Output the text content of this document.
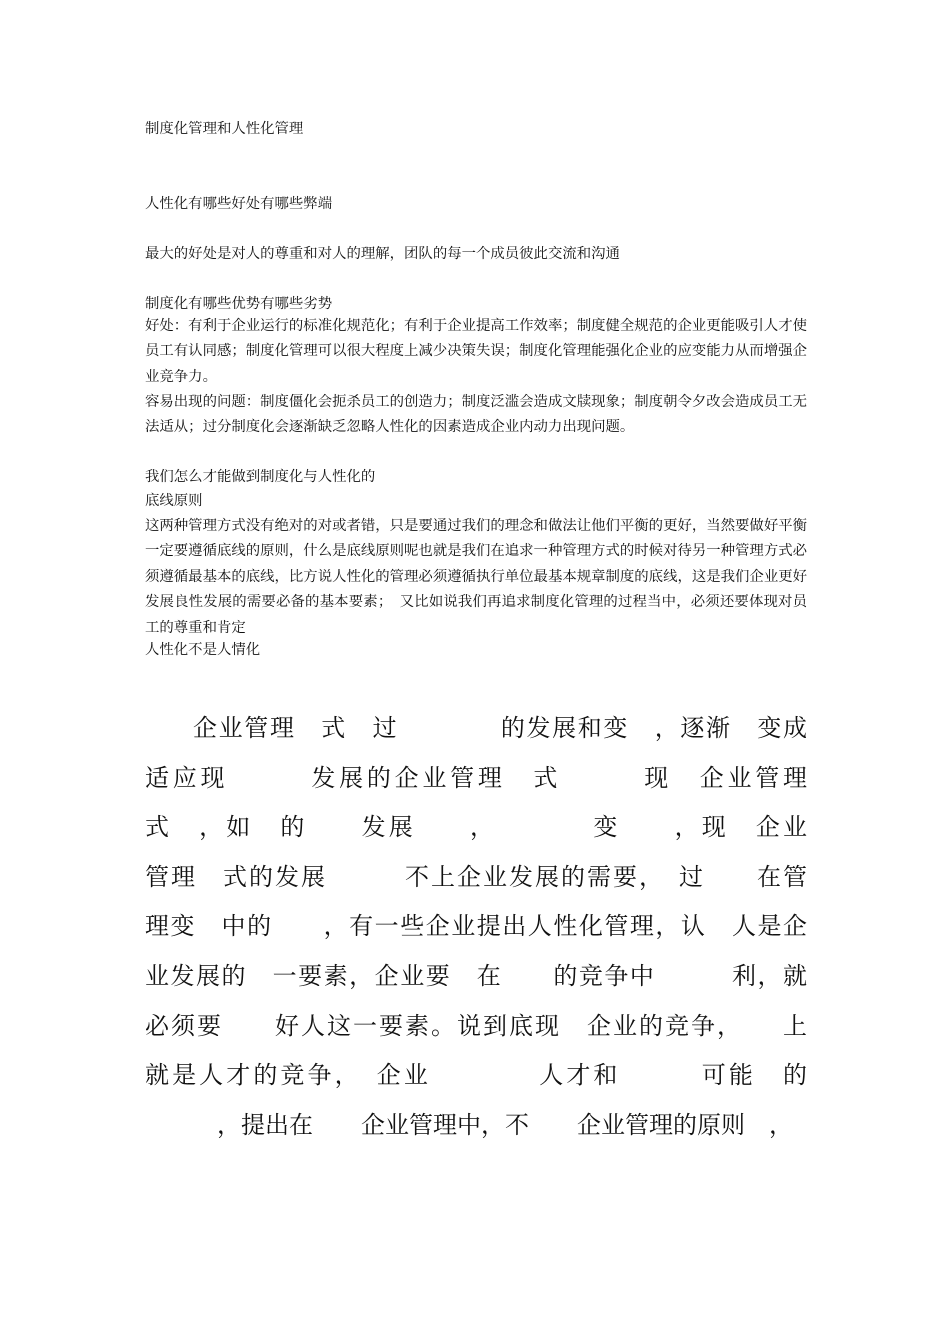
制度化管理和人性化管理

人性化有哪些好处有哪些弊端

最大的好处是对人的尊重和对人的理解，团队的每一个成员彼此交流和沟通

制度化有哪些优势有哪些劣势

好处：有利于企业运行的标准化规范化；有利于企业提高工作效率；制度健全规范的企业更能吸引人才使员工有认同感；制度化管理可以很大程度上减少决策失误；制度化管理能强化企业的应变能力从而增强企业竞争力。

容易出现的问题：制度僵化会扼杀员工的创造力；制度泛滥会造成文牍现象；制度朝令夕改会造成员工无法适从；过分制度化会逐渐缺乏忽略人性化的因素造成企业内动力出现问题。

我们怎么才能做到制度化与人性化的

底线原则

这两种管理方式没有绝对的对或者错，只是要通过我们的理念和做法让他们平衡的更好，当然要做好平衡一定要遵循底线的原则，什么是底线原则呢也就是我们在追求一种管理方式的时候对待另一种管理方式必须遵循最基本的底线，比方说人性化的管理必须遵循执行单位最基本规章制度的底线，这是我们企业更好发展良性发展的需要必备的基本要素；　又比如说我们再追求制度化管理的过程当中，必须还要体现对员工的尊重和肯定

人性化不是人情化

企业管理　式　过　　　　的发展和变　，逐渐　变成
适应现　　　发展的企业管理　式　　　现　企业管理
式　，如　的　　发展　　，　　　　变　　，现　企业
管理　式的发展　　　不上企业发展的需要，　过　　在管
理变　中的　　，有一些企业提出人性化管理，认　人是企
业发展的　一要素，企业要　在　　的竞争中　　　利，就
必须要　　好人这一要素。说到底现　企业的竞争，　　上
就是人才的竞争，　企业　　　　人才和　　　可能　的
　　　，提出在　　企业管理中，不　　企业管理的原则　，
